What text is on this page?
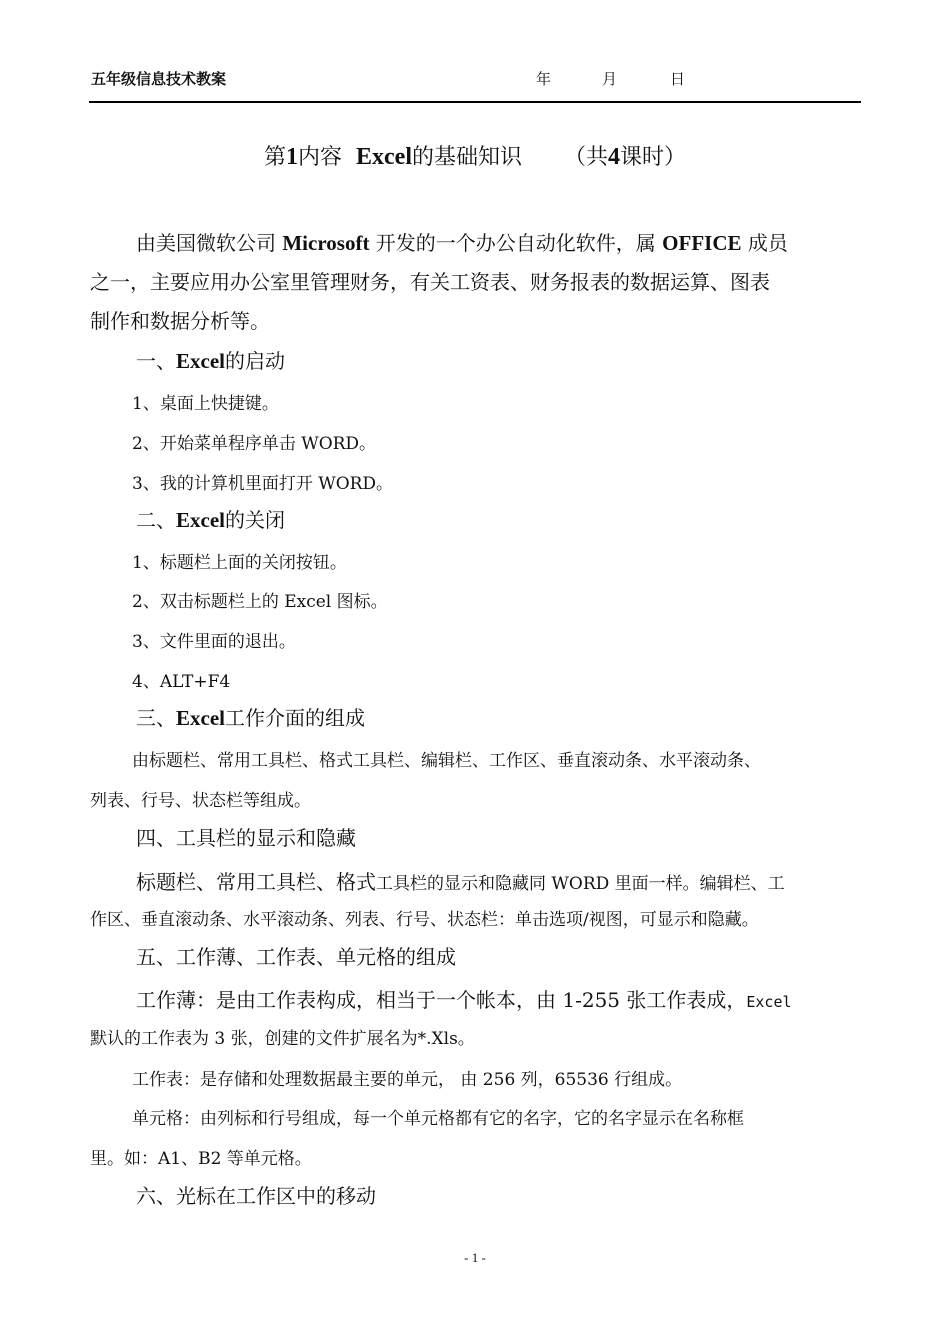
五年级信息技术教案	年	月	日
第1内容 Excel的基础知识 （共4课时）
由美国微软公司 Microsoft 开发的一个办公自动化软件，属 OFFICE 成员
之一，主要应用办公室里管理财务，有关工资表、财务报表的数据运算、图表
制作和数据分析等。
一、Excel的启动
1、桌面上快捷键。
2、开始菜单程序单击 WORD。
3、我的计算机里面打开 WORD。
二、Excel的关闭
1、标题栏上面的关闭按钮。
2、双击标题栏上的 Excel 图标。
3、文件里面的退出。
4、ALT+F4
三、Excel工作介面的组成
由标题栏、常用工具栏、格式工具栏、编辑栏、工作区、垂直滚动条、水平滚动条、
列表、行号、状态栏等组成。
四、工具栏的显示和隐藏
标题栏、常用工具栏、格式工具栏的显示和隐藏同 WORD 里面一样。编辑栏、工
作区、垂直滚动条、水平滚动条、列表、行号、状态栏：单击选项/视图，可显示和隐藏。
五、工作薄、工作表、单元格的组成
工作薄：是由工作表构成，相当于一个帐本，由 1-255 张工作表成，Excel
默认的工作表为 3 张，创建的文件扩展名为*.Xls。
工作表：是存储和处理数据最主要的单元， 由 256 列，65536 行组成。
单元格：由列标和行号组成，每一个单元格都有它的名字，它的名字显示在名称框
里。如：A1、B2 等单元格。
六、光标在工作区中的移动
- 1 -
